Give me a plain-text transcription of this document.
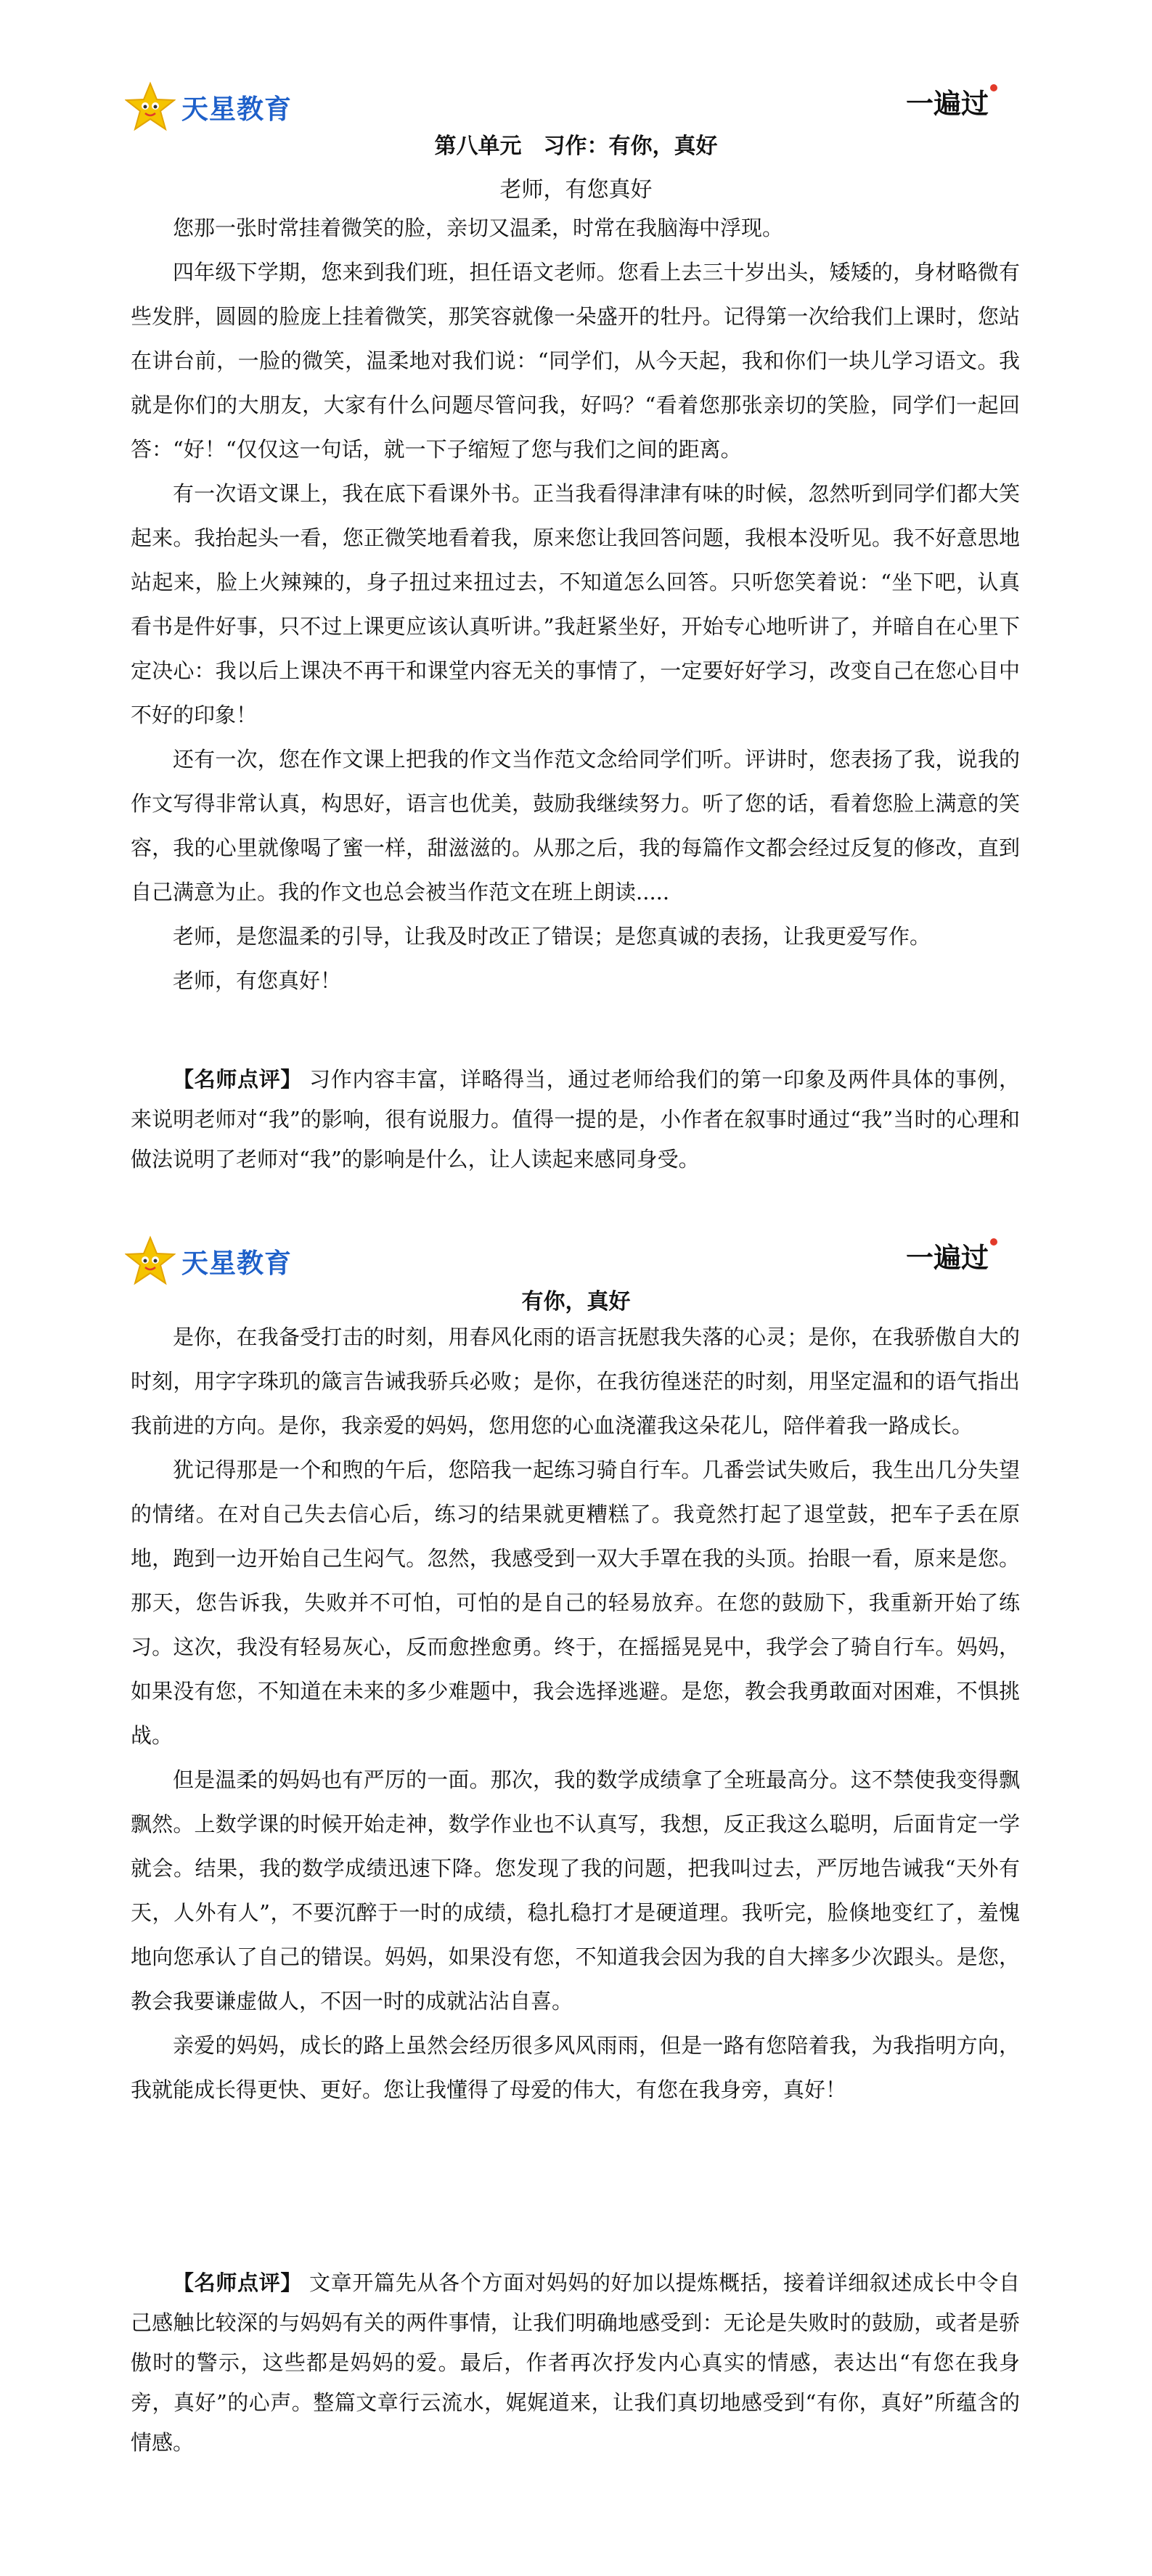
天星教育	一遍过
第八单元　习作：有你，真好
老师，有您真好

您那一张时常挂着微笑的脸，亲切又温柔，时常在我脑海中浮现。

四年级下学期，您来到我们班，担任语文老师。您看上去三十岁出头，矮矮的，身材略微有些发胖，圆圆的脸庞上挂着微笑，那笑容就像一朵盛开的牡丹。记得第一次给我们上课时，您站在讲台前，一脸的微笑，温柔地对我们说：“同学们，从今天起，我和你们一块儿学习语文。我就是你们的大朋友，大家有什么问题尽管问我，好吗？“看着您那张亲切的笑脸，同学们一起回答：“好！“仅仅这一句话，就一下子缩短了您与我们之间的距离。

有一次语文课上，我在底下看课外书。正当我看得津津有味的时候，忽然听到同学们都大笑起来。我抬起头一看，您正微笑地看着我，原来您让我回答问题，我根本没听见。我不好意思地站起来，脸上火辣辣的，身子扭过来扭过去，不知道怎么回答。只听您笑着说：“坐下吧，认真看书是件好事，只不过上课更应该认真听讲。”我赶紧坐好，开始专心地听讲了，并暗自在心里下定决心：我以后上课决不再干和课堂内容无关的事情了，一定要好好学习，改变自己在您心目中不好的印象！

还有一次，您在作文课上把我的作文当作范文念给同学们听。评讲时，您表扬了我，说我的作文写得非常认真，构思好，语言也优美，鼓励我继续努力。听了您的话，看着您脸上满意的笑容，我的心里就像喝了蜜一样，甜滋滋的。从那之后，我的每篇作文都会经过反复的修改，直到自己满意为止。我的作文也总会被当作范文在班上朗读.....

老师，是您温柔的引导，让我及时改正了错误；是您真诚的表扬，让我更爱写作。

老师，有您真好！

【名师点评】 习作内容丰富，详略得当，通过老师给我们的第一印象及两件具体的事例，来说明老师对“我”的影响，很有说服力。值得一提的是，小作者在叙事时通过“我”当时的心理和做法说明了老师对“我”的影响是什么，让人读起来感同身受。

天星教育	一遍过
有你，真好

是你，在我备受打击的时刻，用春风化雨的语言抚慰我失落的心灵；是你，在我骄傲自大的时刻，用字字珠玑的箴言告诫我骄兵必败；是你，在我彷徨迷茫的时刻，用坚定温和的语气指出我前进的方向。是你，我亲爱的妈妈，您用您的心血浇灌我这朵花儿，陪伴着我一路成长。

犹记得那是一个和煦的午后，您陪我一起练习骑自行车。几番尝试失败后，我生出几分失望的情绪。在对自己失去信心后，练习的结果就更糟糕了。我竟然打起了退堂鼓，把车子丢在原地，跑到一边开始自己生闷气。忽然，我感受到一双大手罩在我的头顶。抬眼一看，原来是您。那天，您告诉我，失败并不可怕，可怕的是自己的轻易放弃。在您的鼓励下，我重新开始了练习。这次，我没有轻易灰心，反而愈挫愈勇。终于，在摇摇晃晃中，我学会了骑自行车。妈妈，如果没有您，不知道在未来的多少难题中，我会选择逃避。是您，教会我勇敢面对困难，不惧挑战。

但是温柔的妈妈也有严厉的一面。那次，我的数学成绩拿了全班最高分。这不禁使我变得飘飘然。上数学课的时候开始走神，数学作业也不认真写，我想，反正我这么聪明，后面肯定一学就会。结果，我的数学成绩迅速下降。您发现了我的问题，把我叫过去，严厉地告诫我“天外有天，人外有人”，不要沉醉于一时的成绩，稳扎稳打才是硬道理。我听完，脸倏地变红了，羞愧地向您承认了自己的错误。妈妈，如果没有您，不知道我会因为我的自大摔多少次跟头。是您，教会我要谦虚做人，不因一时的成就沾沾自喜。

亲爱的妈妈，成长的路上虽然会经历很多风风雨雨，但是一路有您陪着我，为我指明方向，我就能成长得更快、更好。您让我懂得了母爱的伟大，有您在我身旁，真好！

【名师点评】 文章开篇先从各个方面对妈妈的好加以提炼概括，接着详细叙述成长中令自己感触比较深的与妈妈有关的两件事情，让我们明确地感受到：无论是失败时的鼓励，或者是骄傲时的警示，这些都是妈妈的爱。最后，作者再次抒发内心真实的情感，表达出“有您在我身旁，真好”的心声。整篇文章行云流水，娓娓道来，让我们真切地感受到“有你，真好”所蕴含的情感。
